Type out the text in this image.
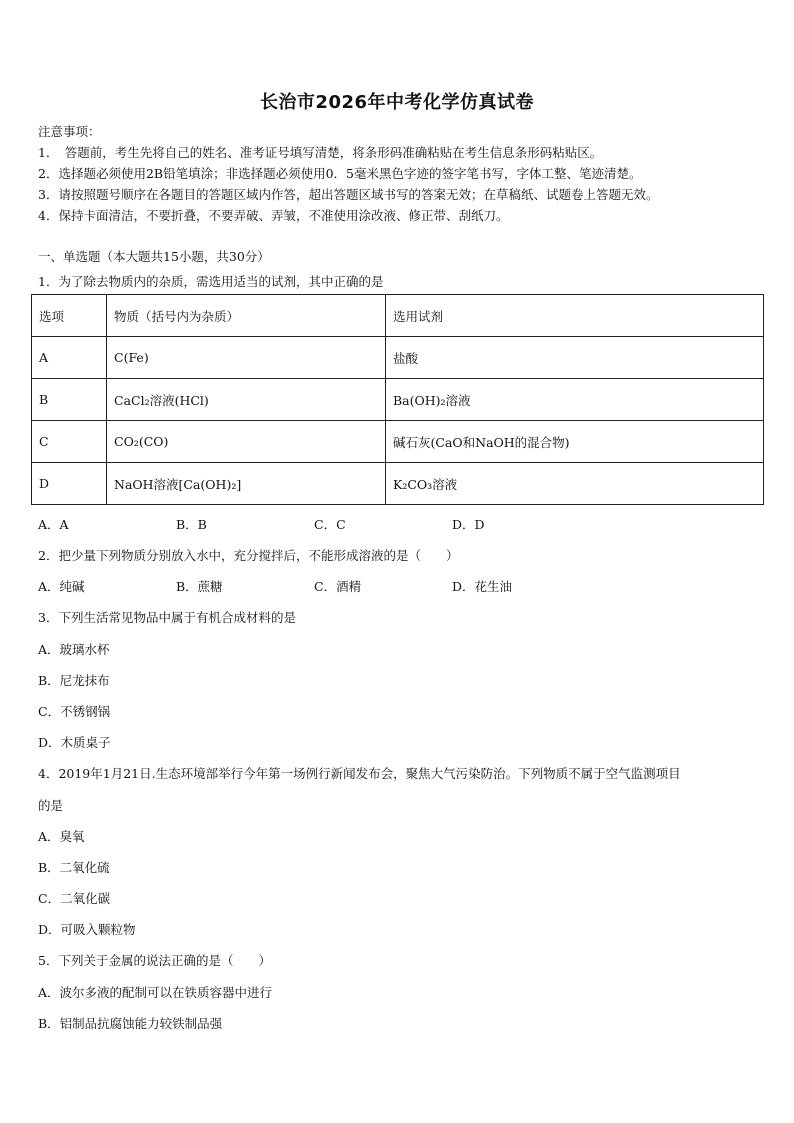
长治市2026年中考化学仿真试卷
注意事项：
1．　答题前，考生先将自己的姓名、准考证号填写清楚，将条形码准确粘贴在考生信息条形码粘贴区。
2．选择题必须使用2B铅笔填涂；非选择题必须使用0．5毫米黑色字迹的签字笔书写，字体工整、笔迹清楚。
3．请按照题号顺序在各题目的答题区域内作答，超出答题区域书写的答案无效；在草稿纸、试题卷上答题无效。
4．保持卡面清洁，不要折叠，不要弄破、弄皱，不准使用涂改液、修正带、刮纸刀。
一、单选题（本大题共15小题，共30分）
1．为了除去物质内的杂质，需选用适当的试剂，其中正确的是
选项	物质（括号内为杂质）	选用试剂
A	C(Fe)	盐酸
B	CaCl₂溶液(HCl)	Ba(OH)₂溶液
C	CO₂(CO)	碱石灰(CaO和NaOH的混合物)
D	NaOH溶液[Ca(OH)₂]	K₂CO₃溶液
A．A	B．B	C．C	D．D
2．把少量下列物质分别放入水中，充分搅拌后，不能形成溶液的是（　　）
A．纯碱	B．蔗糖	C．酒精	D．花生油
3．下列生活常见物品中属于有机合成材料的是
A．玻璃水杯
B．尼龙抹布
C．不锈钢锅
D．木质桌子
4．2019年1月21日.生态环境部举行今年第一场例行新闻发布会，聚焦大气污染防治。下列物质不属于空气监测项目
的是
A．臭氧
B．二氧化硫
C．二氧化碳
D．可吸入颗粒物
5．下列关于金属的说法正确的是（　　）
A．波尔多液的配制可以在铁质容器中进行
B．铝制品抗腐蚀能力较铁制品强
